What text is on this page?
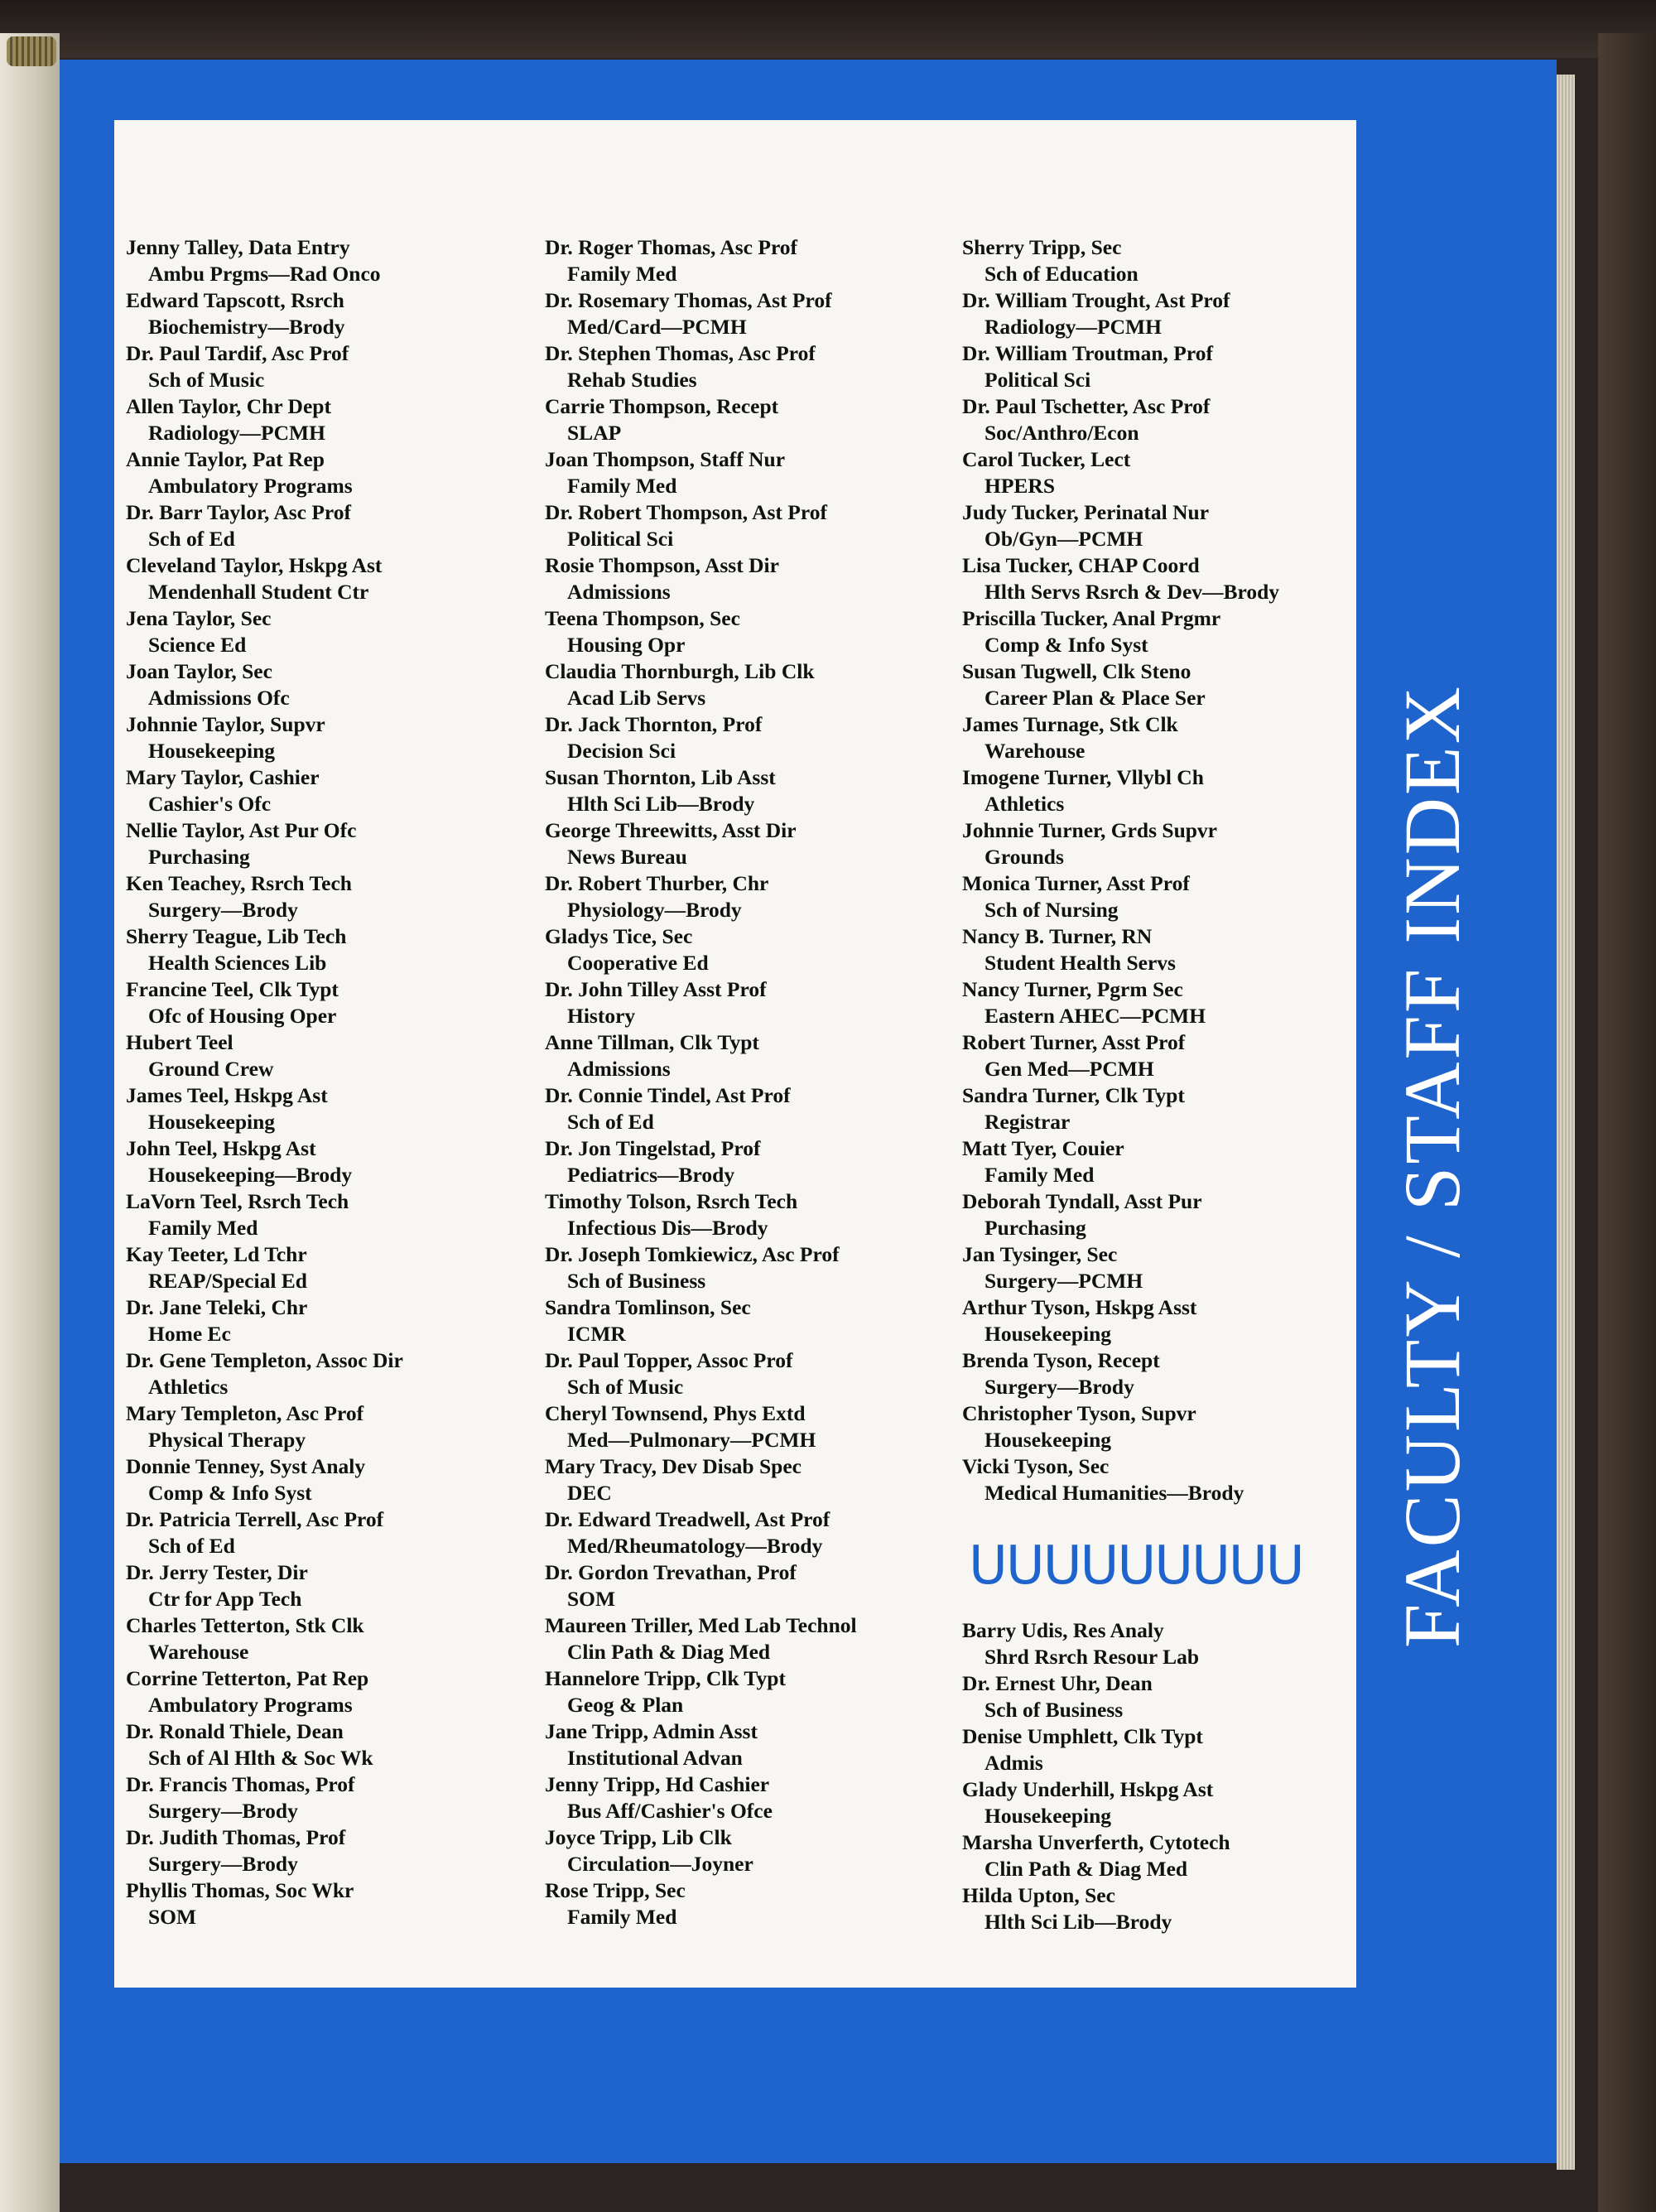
Jenny Talley, Data Entry
Ambu Prgms—Rad Onco
Edward Tapscott, Rsrch
Biochemistry—Brody
Dr. Paul Tardif, Asc Prof
Sch of Music
Allen Taylor, Chr Dept
Radiology—PCMH
Annie Taylor, Pat Rep
Ambulatory Programs
Dr. Barr Taylor, Asc Prof
Sch of Ed
Cleveland Taylor, Hskpg Ast
Mendenhall Student Ctr
Jena Taylor, Sec
Science Ed
Joan Taylor, Sec
Admissions Ofc
Johnnie Taylor, Supvr
Housekeeping
Mary Taylor, Cashier
Cashier's Ofc
Nellie Taylor, Ast Pur Ofc
Purchasing
Ken Teachey, Rsrch Tech
Surgery—Brody
Sherry Teague, Lib Tech
Health Sciences Lib
Francine Teel, Clk Typt
Ofc of Housing Oper
Hubert Teel
Ground Crew
James Teel, Hskpg Ast
Housekeeping
John Teel, Hskpg Ast
Housekeeping—Brody
LaVorn Teel, Rsrch Tech
Family Med
Kay Teeter, Ld Tchr
REAP/Special Ed
Dr. Jane Teleki, Chr
Home Ec
Dr. Gene Templeton, Assoc Dir
Athletics
Mary Templeton, Asc Prof
Physical Therapy
Donnie Tenney, Syst Analy
Comp & Info Syst
Dr. Patricia Terrell, Asc Prof
Sch of Ed
Dr. Jerry Tester, Dir
Ctr for App Tech
Charles Tetterton, Stk Clk
Warehouse
Corrine Tetterton, Pat Rep
Ambulatory Programs
Dr. Ronald Thiele, Dean
Sch of Al Hlth & Soc Wk
Dr. Francis Thomas, Prof
Surgery—Brody
Dr. Judith Thomas, Prof
Surgery—Brody
Phyllis Thomas, Soc Wkr
SOM
Dr. Roger Thomas, Asc Prof
Family Med
Dr. Rosemary Thomas, Ast Prof
Med/Card—PCMH
Dr. Stephen Thomas, Asc Prof
Rehab Studies
Carrie Thompson, Recept
SLAP
Joan Thompson, Staff Nur
Family Med
Dr. Robert Thompson, Ast Prof
Political Sci
Rosie Thompson, Asst Dir
Admissions
Teena Thompson, Sec
Housing Opr
Claudia Thornburgh, Lib Clk
Acad Lib Servs
Dr. Jack Thornton, Prof
Decision Sci
Susan Thornton, Lib Asst
Hlth Sci Lib—Brody
George Threewitts, Asst Dir
News Bureau
Dr. Robert Thurber, Chr
Physiology—Brody
Gladys Tice, Sec
Cooperative Ed
Dr. John Tilley Asst Prof
History
Anne Tillman, Clk Typt
Admissions
Dr. Connie Tindel, Ast Prof
Sch of Ed
Dr. Jon Tingelstad, Prof
Pediatrics—Brody
Timothy Tolson, Rsrch Tech
Infectious Dis—Brody
Dr. Joseph Tomkiewicz, Asc Prof
Sch of Business
Sandra Tomlinson, Sec
ICMR
Dr. Paul Topper, Assoc Prof
Sch of Music
Cheryl Townsend, Phys Extd
Med—Pulmonary—PCMH
Mary Tracy, Dev Disab Spec
DEC
Dr. Edward Treadwell, Ast Prof
Med/Rheumatology—Brody
Dr. Gordon Trevathan, Prof
SOM
Maureen Triller, Med Lab Technol
Clin Path & Diag Med
Hannelore Tripp, Clk Typt
Geog & Plan
Jane Tripp, Admin Asst
Institutional Advan
Jenny Tripp, Hd Cashier
Bus Aff/Cashier's Ofce
Joyce Tripp, Lib Clk
Circulation—Joyner
Rose Tripp, Sec
Family Med
Sherry Tripp, Sec
Sch of Education
Dr. William Trought, Ast Prof
Radiology—PCMH
Dr. William Troutman, Prof
Political Sci
Dr. Paul Tschetter, Asc Prof
Soc/Anthro/Econ
Carol Tucker, Lect
HPERS
Judy Tucker, Perinatal Nur
Ob/Gyn—PCMH
Lisa Tucker, CHAP Coord
Hlth Servs Rsrch & Dev—Brody
Priscilla Tucker, Anal Prgmr
Comp & Info Syst
Susan Tugwell, Clk Steno
Career Plan & Place Ser
James Turnage, Stk Clk
Warehouse
Imogene Turner, Vllybl Ch
Athletics
Johnnie Turner, Grds Supvr
Grounds
Monica Turner, Asst Prof
Sch of Nursing
Nancy B. Turner, RN
Student Health Servs
Nancy Turner, Pgrm Sec
Eastern AHEC—PCMH
Robert Turner, Asst Prof
Gen Med—PCMH
Sandra Turner, Clk Typt
Registrar
Matt Tyer, Couier
Family Med
Deborah Tyndall, Asst Pur
Purchasing
Jan Tysinger, Sec
Surgery—PCMH
Arthur Tyson, Hskpg Asst
Housekeeping
Brenda Tyson, Recept
Surgery—Brody
Christopher Tyson, Supvr
Housekeeping
Vicki Tyson, Sec
Medical Humanities—Brody
UUUUUUUUU
Barry Udis, Res Analy
Shrd Rsrch Resour Lab
Dr. Ernest Uhr, Dean
Sch of Business
Denise Umphlett, Clk Typt
Admis
Glady Underhill, Hskpg Ast
Housekeeping
Marsha Unverferth, Cytotech
Clin Path & Diag Med
Hilda Upton, Sec
Hlth Sci Lib—Brody
FACULTY / STAFF INDEX
